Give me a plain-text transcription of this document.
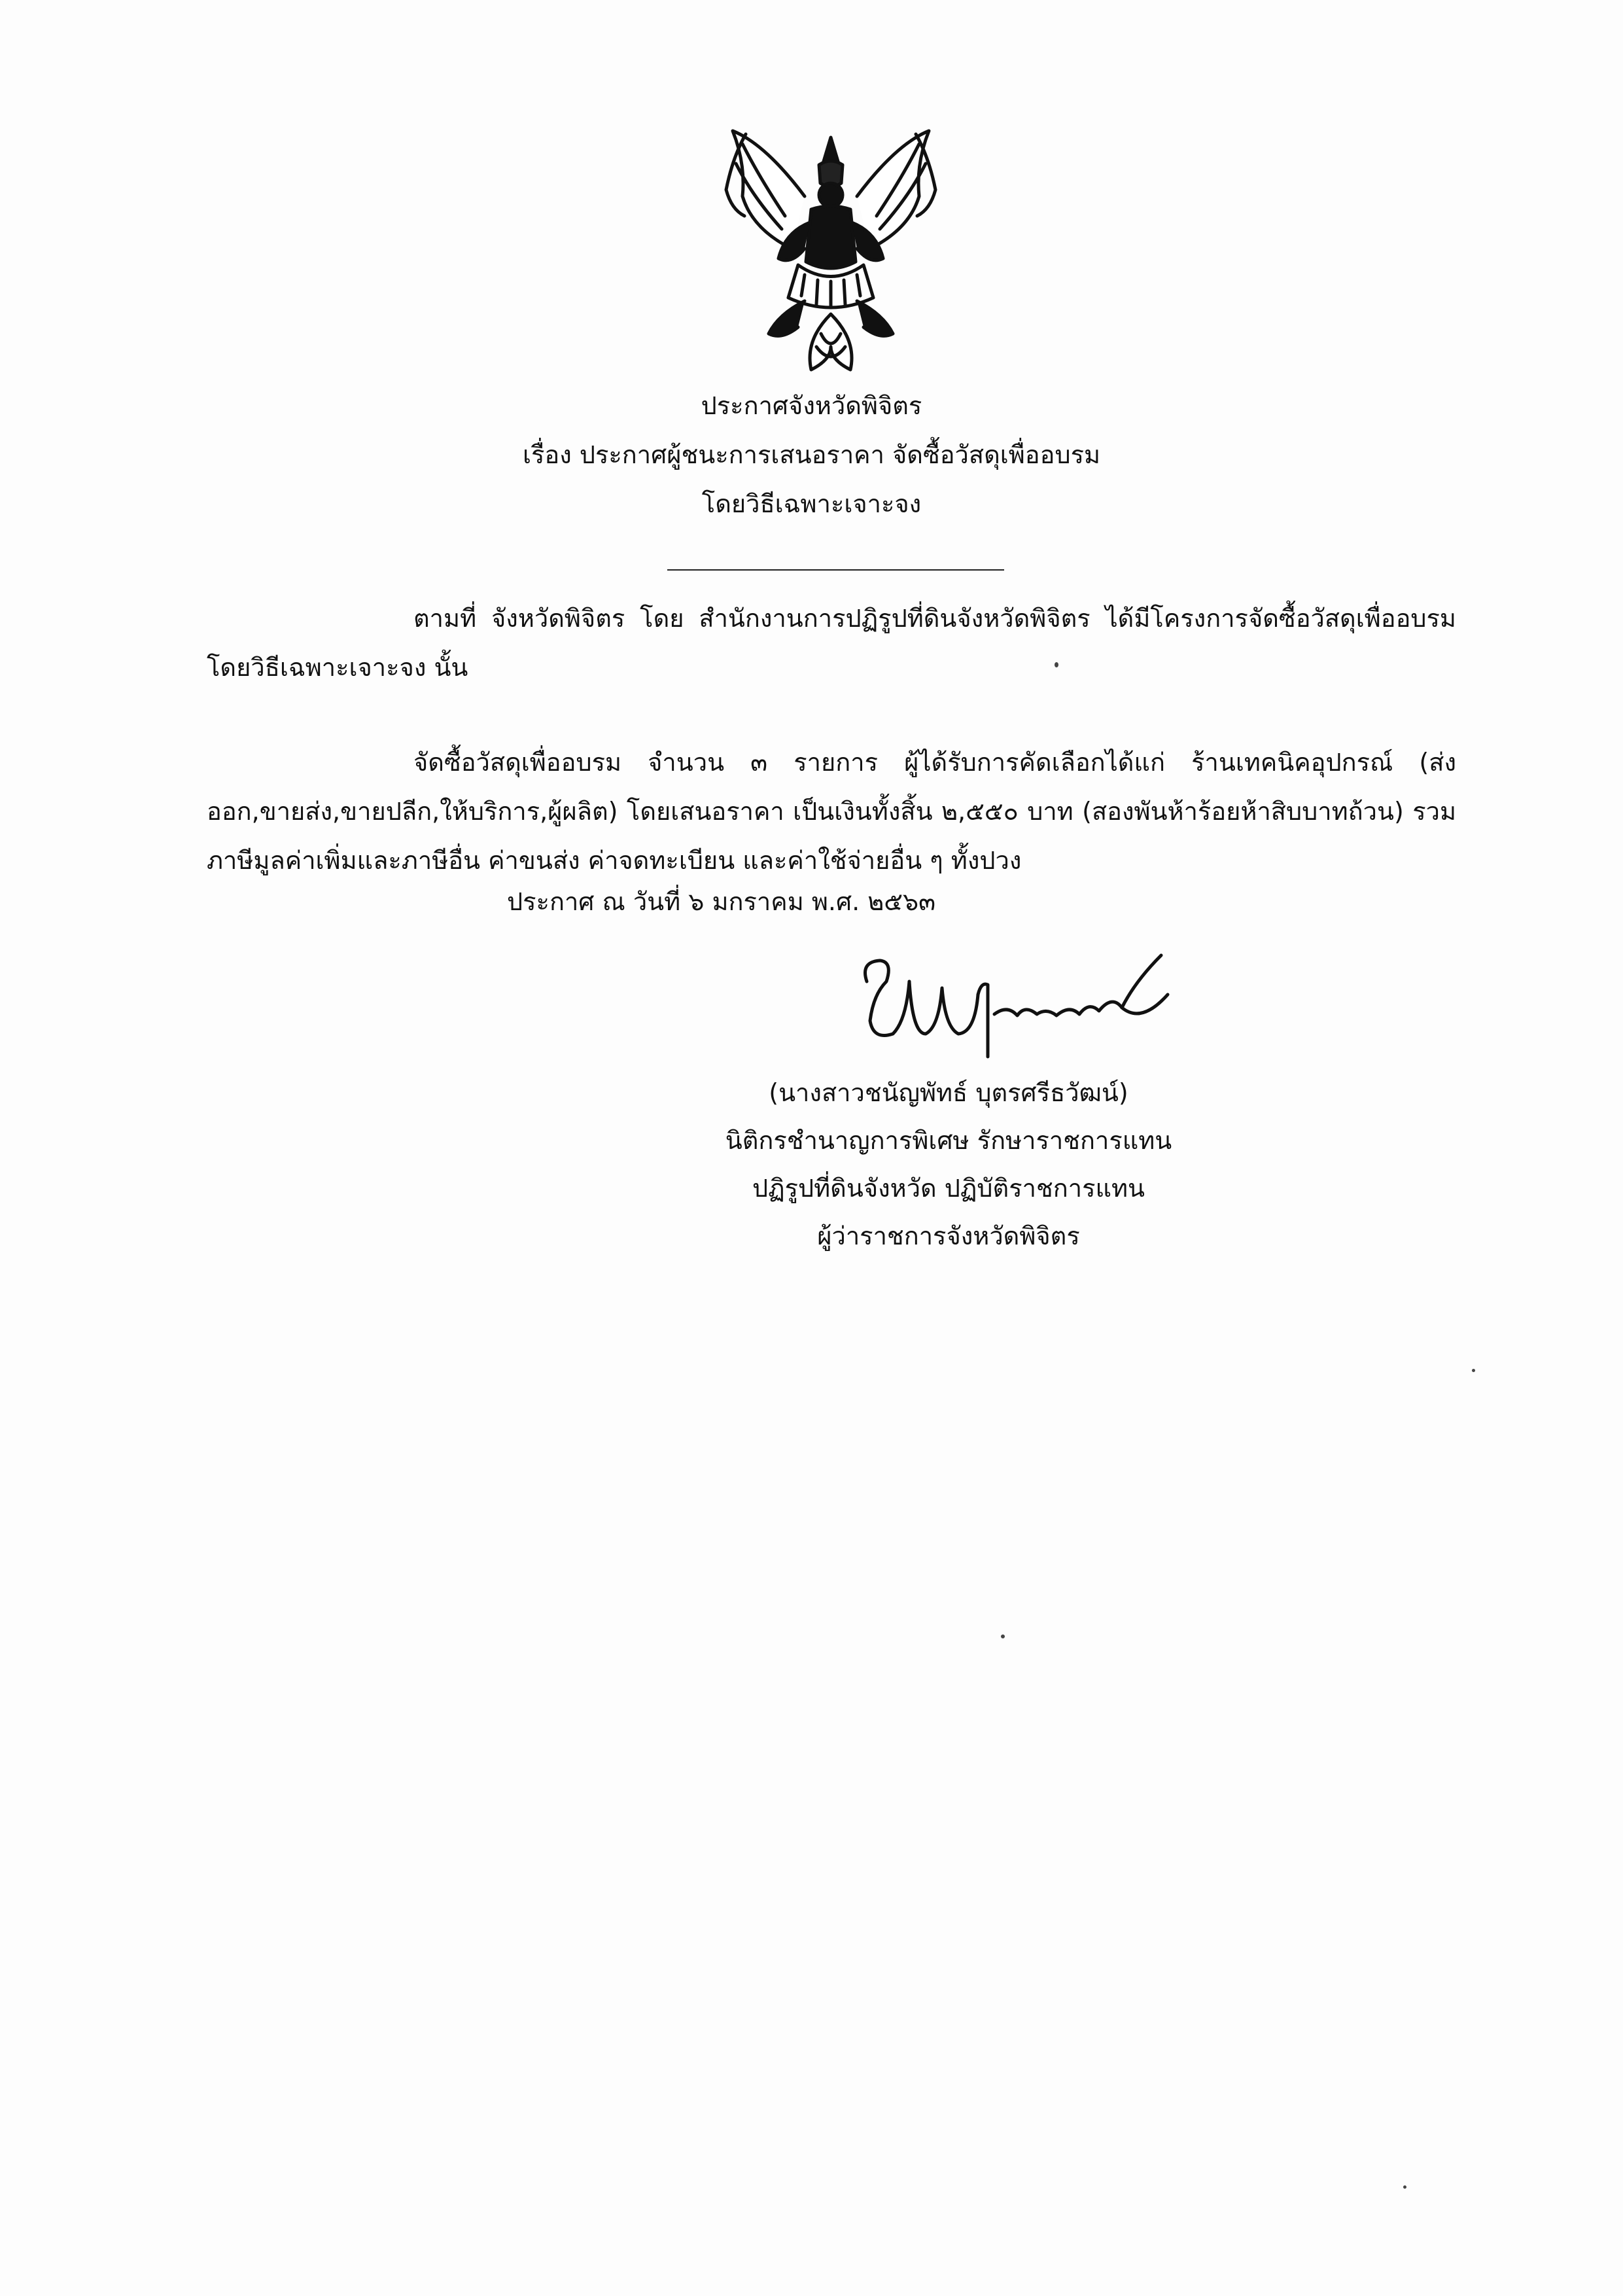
ประกาศจังหวัดพิจิตร
เรื่อง ประกาศผู้ชนะการเสนอราคา จัดซื้อวัสดุเพื่ออบรม
โดยวิธีเฉพาะเจาะจง
ตามที่ จังหวัดพิจิตร โดย สำนักงานการปฏิรูปที่ดินจังหวัดพิจิตร ได้มีโครงการจัดซื้อวัสดุเพื่ออบรม โดยวิธีเฉพาะเจาะจง นั้น
จัดซื้อวัสดุเพื่ออบรม จำนวน ๓ รายการ ผู้ได้รับการคัดเลือกได้แก่ ร้านเทคนิคอุปกรณ์ (ส่งออก,ขายส่ง,ขายปลีก,ให้บริการ,ผู้ผลิต) โดยเสนอราคา เป็นเงินทั้งสิ้น ๒,๕๕๐ บาท (สองพันห้าร้อยห้าสิบบาทถ้วน) รวมภาษีมูลค่าเพิ่มและภาษีอื่น ค่าขนส่ง ค่าจดทะเบียน และค่าใช้จ่ายอื่น ๆ ทั้งปวง
ประกาศ ณ วันที่ ๖ มกราคม พ.ศ. ๒๕๖๓
(นางสาวชนัญพัทธ์ บุตรศรีธวัฒน์)
นิติกรชำนาญการพิเศษ รักษาราชการแทน
ปฏิรูปที่ดินจังหวัด ปฏิบัติราชการแทน
ผู้ว่าราชการจังหวัดพิจิตร
